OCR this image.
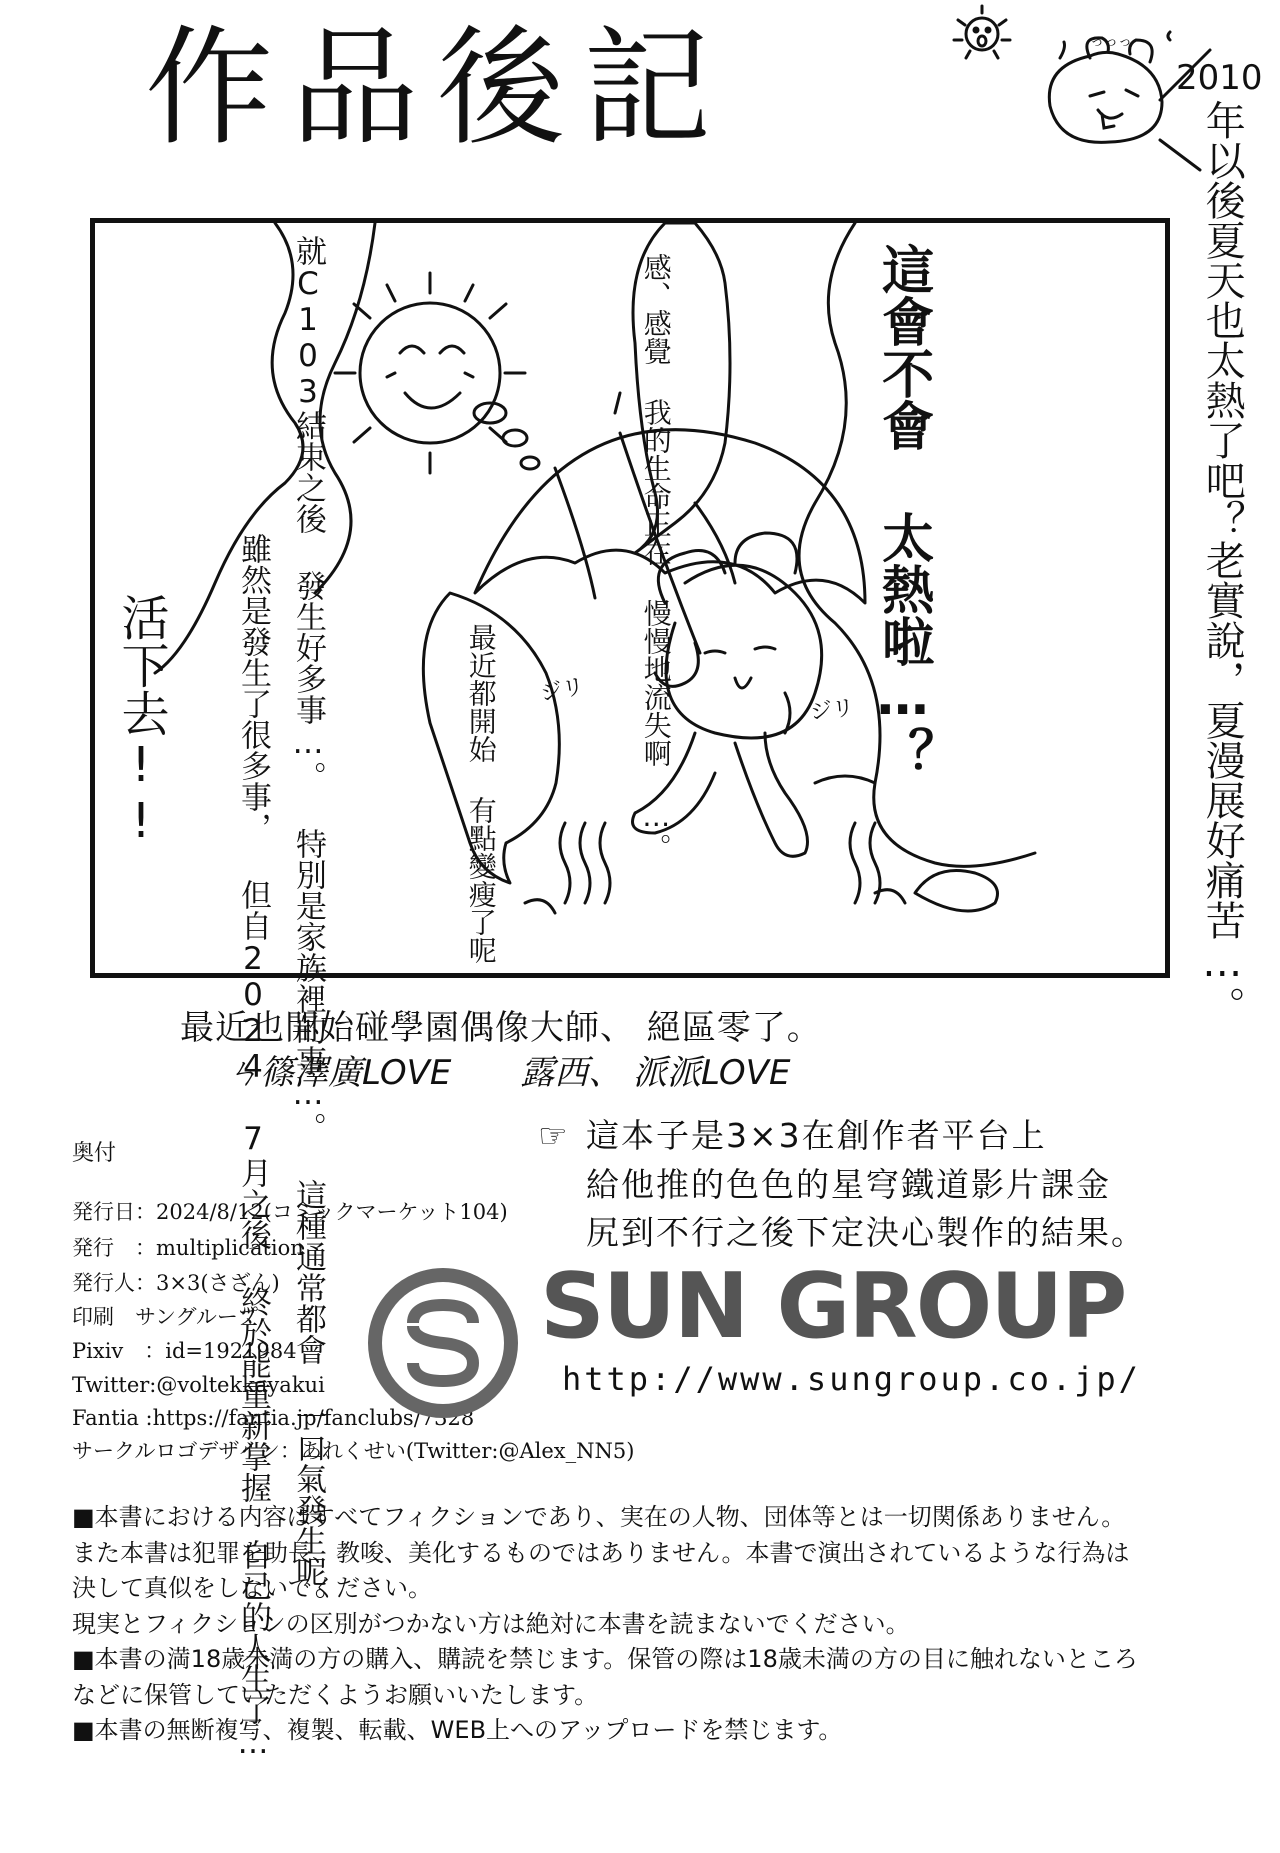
作品後記	っっっ
2010
年以後夏天也太熱了吧？老實說，夏漫展好痛苦…。
就C103結束之後 發生好多事…。 特別是家族裡的事…。 這種通常都會 一口氣發生呢。
雖然是發生了很多事， 但自2024 7月之後 終於能重新掌握 自己的人生了…
活下去!!
感、感覺 我的生命正在 慢慢地流失啊 …。
最近都開始 有點變瘦了呢
這會不會 太熱啦…？
ジリ
ジリ
最近也開始碰學園偶像大師、 絕區零了。
ㄣ篠澤廣LOVE 露西、 派派LOVE
奥付
発行日：2024/8/12(コミックマーケット104)
発行　：multiplication
発行人：3×3(さざん)
印刷　サングループ
Pixiv　：id=1921984
Twitter:@voltekkayakui
Fantia :https://fantia.jp/fanclubs/7328
サークルロゴデザイン：あれくせい(Twitter:@Alex_NN5)
☞ 這本子是3×3在創作者平台上
給他推的色色的星穹鐵道影片課金
尻到不行之後下定決心製作的結果。
SUN GROUP
http://www.sungroup.co.jp/
■本書における内容はすべてフィクションであり、実在の人物、団体等とは一切関係ありません。
また本書は犯罪を助長、教唆、美化するものではありません。本書で演出されているような行為は
決して真似をしないでください。
現実とフィクションの区別がつかない方は絶対に本書を読まないでください。
■本書の満18歳未満の方の購入、購読を禁じます。保管の際は18歳未満の方の目に触れないところ
などに保管していただくようお願いいたします。
■本書の無断複写、複製、転載、WEB上へのアップロードを禁じます。
